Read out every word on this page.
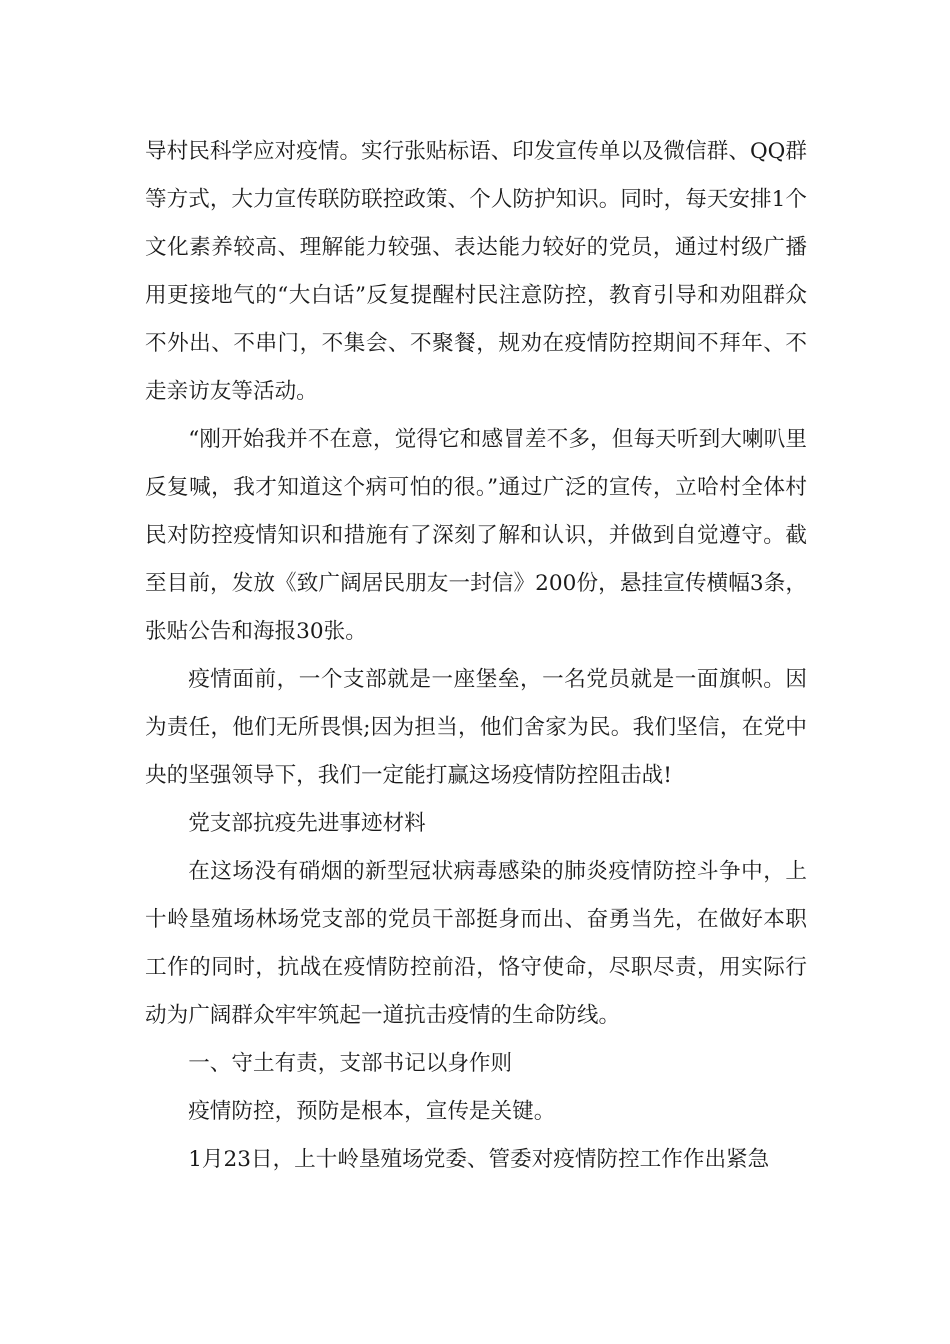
导村民科学应对疫情。实行张贴标语、印发宣传单以及微信群、QQ群等方式，大力宣传联防联控政策、个人防护知识。同时，每天安排1个文化素养较高、理解能力较强、表达能力较好的党员，通过村级广播用更接地气的“大白话”反复提醒村民注意防控，教育引导和劝阻群众不外出、不串门，不集会、不聚餐，规劝在疫情防控期间不拜年、不走亲访友等活动。

“刚开始我并不在意，觉得它和感冒差不多，但每天听到大喇叭里反复喊，我才知道这个病可怕的很。”通过广泛的宣传，立哈村全体村民对防控疫情知识和措施有了深刻了解和认识，并做到自觉遵守。截至目前，发放《致广阔居民朋友一封信》200份，悬挂宣传横幅3条，张贴公告和海报30张。

疫情面前，一个支部就是一座堡垒，一名党员就是一面旗帜。因为责任，他们无所畏惧;因为担当，他们舍家为民。我们坚信，在党中央的坚强领导下，我们一定能打赢这场疫情防控阻击战!

党支部抗疫先进事迹材料

在这场没有硝烟的新型冠状病毒感染的肺炎疫情防控斗争中，上十岭垦殖场林场党支部的党员干部挺身而出、奋勇当先，在做好本职工作的同时，抗战在疫情防控前沿，恪守使命，尽职尽责，用实际行动为广阔群众牢牢筑起一道抗击疫情的生命防线。

一、守土有责，支部书记以身作则

疫情防控，预防是根本，宣传是关键。

1月23日，上十岭垦殖场党委、管委对疫情防控工作作出紧急
